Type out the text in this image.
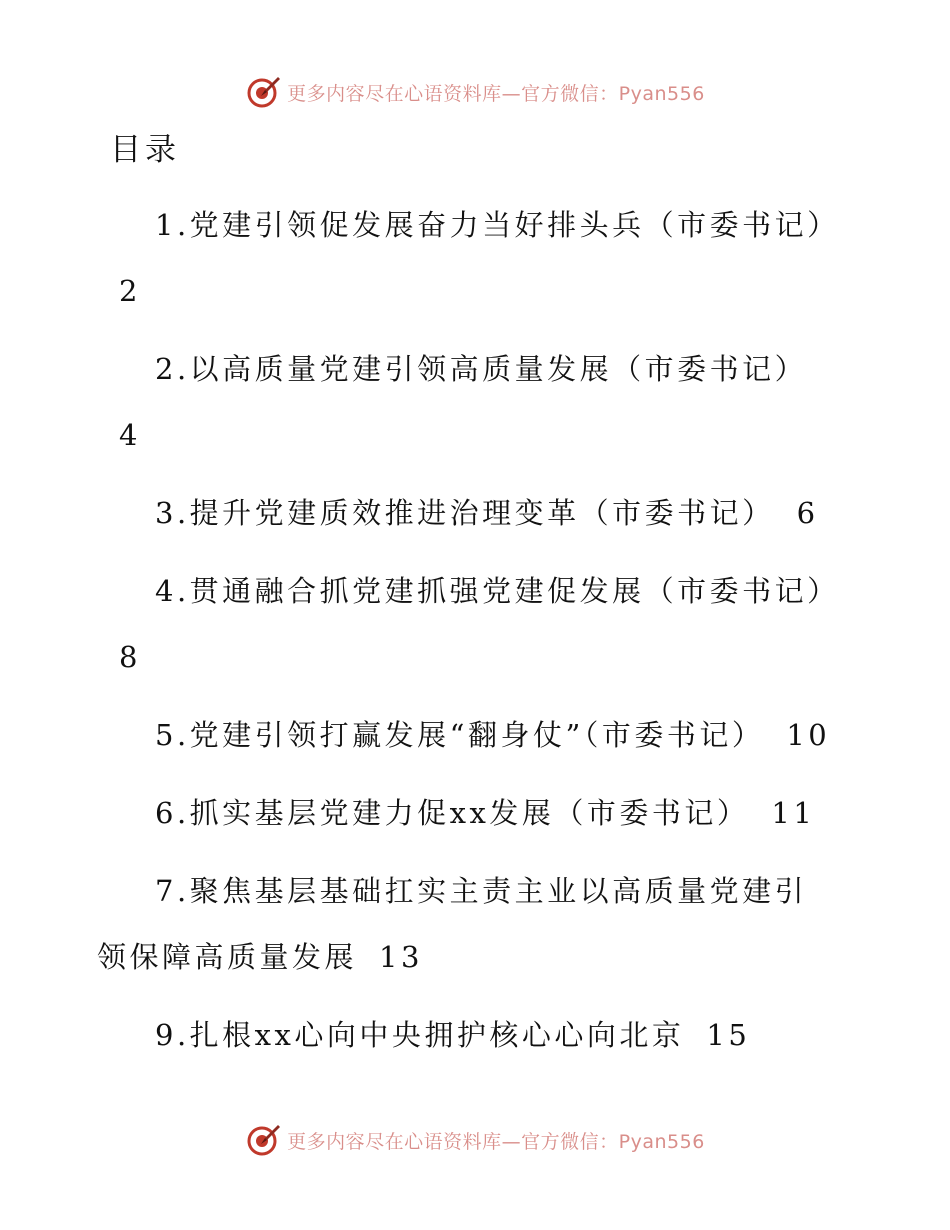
更多内容尽在心语资料库—官方微信：Pyan556
目录
1.党建引领促发展奋力当好排头兵（市委书记）2
2.以高质量党建引领高质量发展（市委书记）4
3.提升党建质效推进治理变革（市委书记） 6
4.贯通融合抓党建抓强党建促发展（市委书记）8
5.党建引领打赢发展“翻身仗”（市委书记） 10
6.抓实基层党建力促xx发展（市委书记） 11
7.聚焦基层基础扛实主责主业以高质量党建引领保障高质量发展 13
9.扎根xx心向中央拥护核心心向北京 15
更多内容尽在心语资料库—官方微信：Pyan556
